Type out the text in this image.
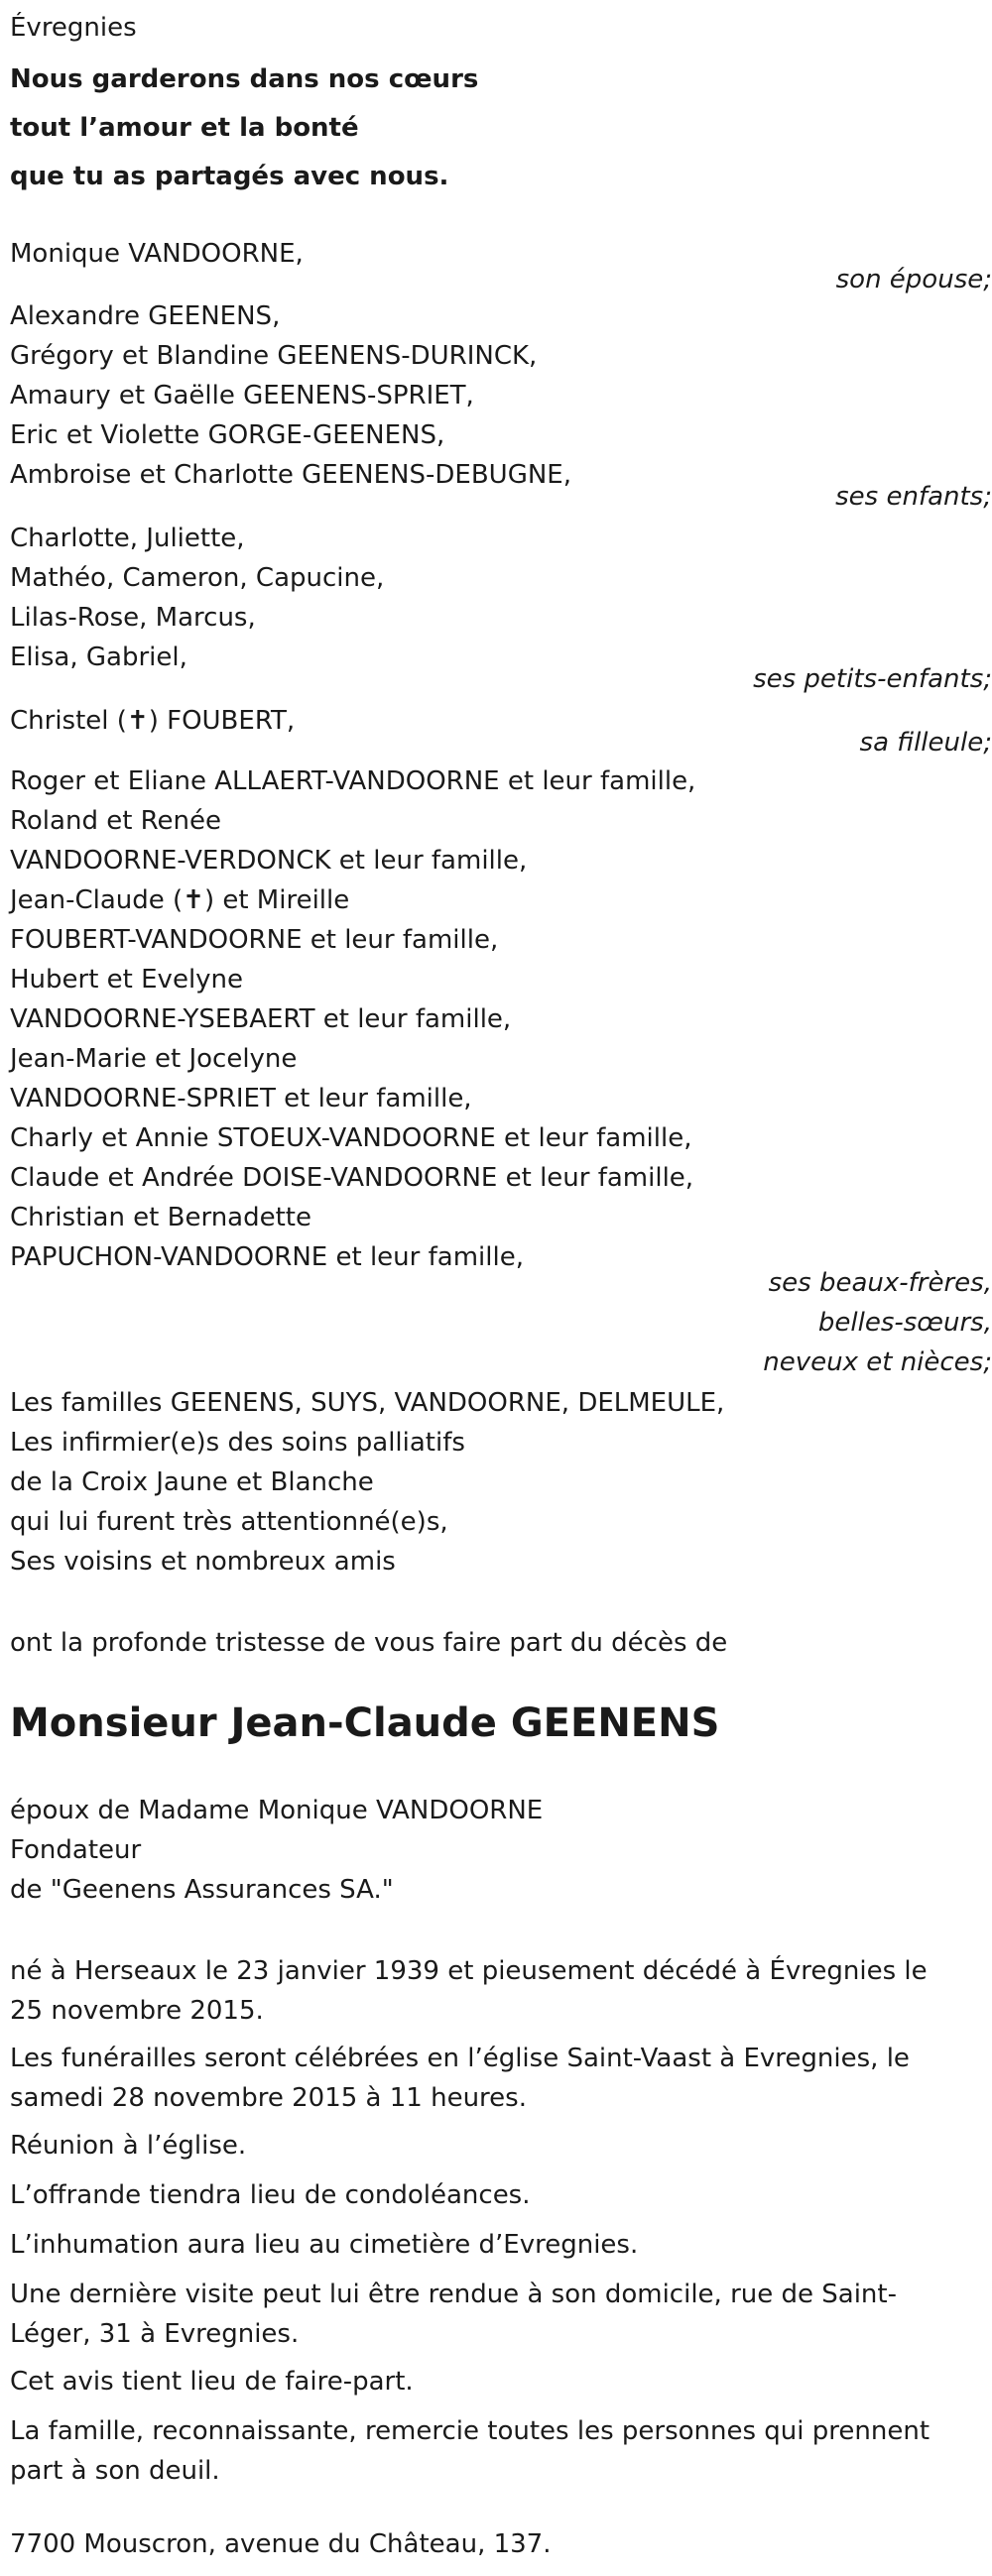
Évregnies
Nous garderons dans nos cœurs
tout l’amour et la bonté
que tu as partagés avec nous.
Monique VANDOORNE,
son épouse;
Alexandre GEENENS,
Grégory et Blandine GEENENS-DURINCK,
Amaury et Gaëlle GEENENS-SPRIET,
Eric et Violette GORGE-GEENENS,
Ambroise et Charlotte GEENENS-DEBUGNE,
ses enfants;
Charlotte, Juliette,
Mathéo, Cameron, Capucine,
Lilas-Rose, Marcus,
Elisa, Gabriel,
ses petits-enfants;
Christel (✝) FOUBERT,
sa filleule;
Roger et Eliane ALLAERT-VANDOORNE et leur famille,
Roland et Renée
VANDOORNE-VERDONCK et leur famille,
Jean-Claude (✝) et Mireille
FOUBERT-VANDOORNE et leur famille,
Hubert et Evelyne
VANDOORNE-YSEBAERT et leur famille,
Jean-Marie et Jocelyne
VANDOORNE-SPRIET et leur famille,
Charly et Annie STOEUX-VANDOORNE et leur famille,
Claude et Andrée DOISE-VANDOORNE et leur famille,
Christian et Bernadette
PAPUCHON-VANDOORNE et leur famille,
ses beaux-frères,
belles-sœurs,
neveux et nièces;
Les familles GEENENS, SUYS, VANDOORNE, DELMEULE,
Les infirmier(e)s des soins palliatifs
de la Croix Jaune et Blanche
qui lui furent très attentionné(e)s,
Ses voisins et nombreux amis
ont la profonde tristesse de vous faire part du décès de
Monsieur Jean-Claude GEENENS
époux de Madame Monique VANDOORNE
Fondateur
de "Geenens Assurances SA."
né à Herseaux le 23 janvier 1939 et pieusement décédé à Évregnies le 25 novembre 2015.
Les funérailles seront célébrées en l’église Saint-Vaast à Evregnies, le samedi 28 novembre 2015 à 11 heures.
Réunion à l’église.
L’offrande tiendra lieu de condoléances.
L’inhumation aura lieu au cimetière d’Evregnies.
Une dernière visite peut lui être rendue à son domicile, rue de Saint-Léger, 31 à Evregnies.
Cet avis tient lieu de faire-part.
La famille, reconnaissante, remercie toutes les personnes qui prennent part à son deuil.
7700 Mouscron, avenue du Château, 137.
